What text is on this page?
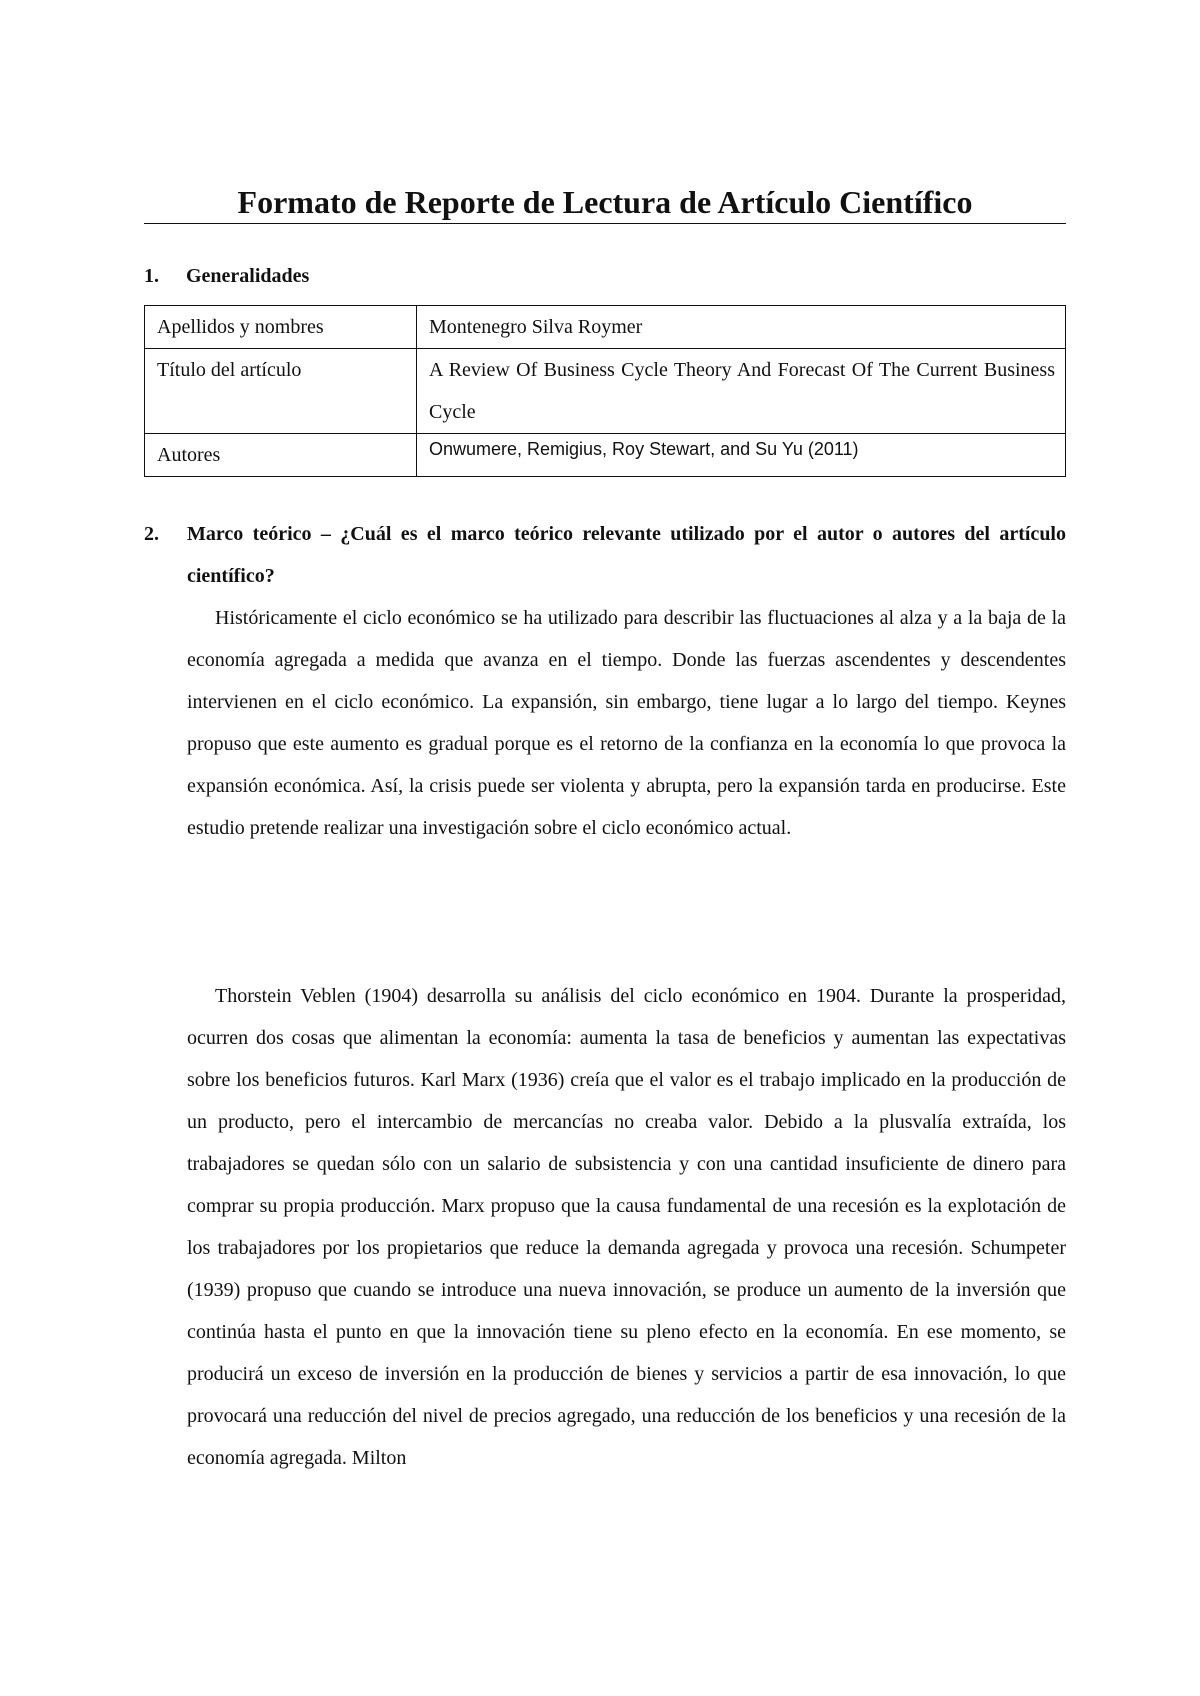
Formato de Reporte de Lectura de Artículo Científico
1. Generalidades
Apellidos y nombres	Montenegro Silva Roymer
Título del artículo	A Review Of Business Cycle Theory And Forecast Of The Current Business Cycle
Autores	Onwumere, Remigius, Roy Stewart, and Su Yu (2011)
2.	Marco teórico – ¿Cuál es el marco teórico relevante utilizado por el autor o autores del artículo científico?

Históricamente el ciclo económico se ha utilizado para describir las fluctuaciones al alza y a la baja de la economía agregada a medida que avanza en el tiempo. Donde las fuerzas ascendentes y descendentes intervienen en el ciclo económico. La expansión, sin embargo, tiene lugar a lo largo del tiempo. Keynes propuso que este aumento es gradual porque es el retorno de la confianza en la economía lo que provoca la expansión económica. Así, la crisis puede ser violenta y abrupta, pero la expansión tarda en producirse. Este estudio pretende realizar una investigación sobre el ciclo económico actual.

Thorstein Veblen (1904) desarrolla su análisis del ciclo económico en 1904. Durante la prosperidad, ocurren dos cosas que alimentan la economía: aumenta la tasa de beneficios y aumentan las expectativas sobre los beneficios futuros. Karl Marx (1936) creía que el valor es el trabajo implicado en la producción de un producto, pero el intercambio de mercancías no creaba valor. Debido a la plusvalía extraída, los trabajadores se quedan sólo con un salario de subsistencia y con una cantidad insuficiente de dinero para comprar su propia producción. Marx propuso que la causa fundamental de una recesión es la explotación de los trabajadores por los propietarios que reduce la demanda agregada y provoca una recesión. Schumpeter (1939) propuso que cuando se introduce una nueva innovación, se produce un aumento de la inversión que continúa hasta el punto en que la innovación tiene su pleno efecto en la economía. En ese momento, se producirá un exceso de inversión en la producción de bienes y servicios a partir de esa innovación, lo que provocará una reducción del nivel de precios agregado, una reducción de los beneficios y una recesión de la economía agregada. Milton
